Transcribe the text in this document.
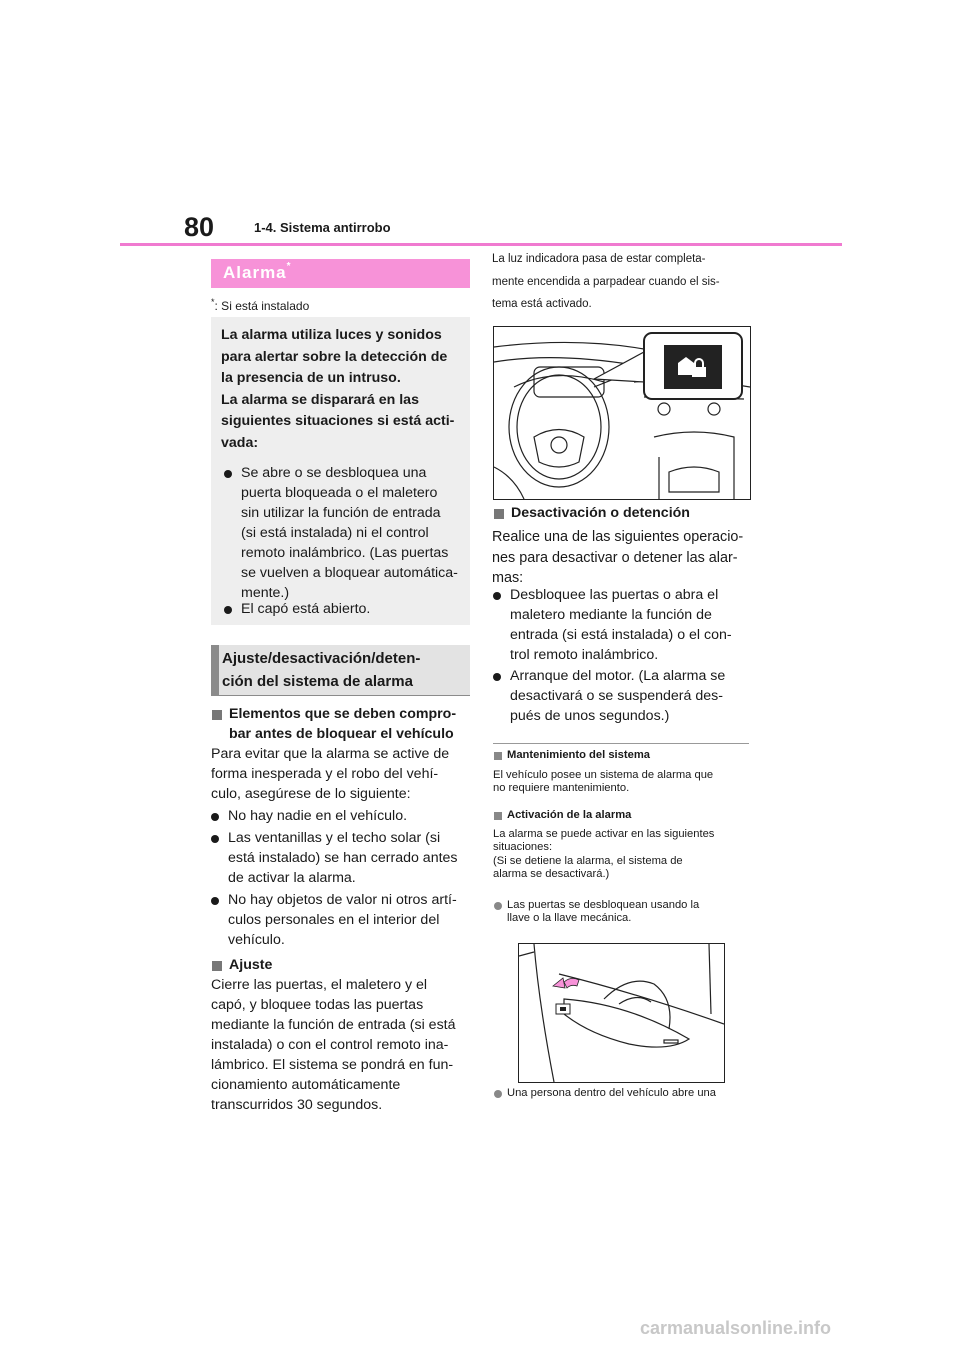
80	1-4. Sistema antirrobo
Alarma*
*: Si está instalado
La alarma utiliza luces y sonidos
para alertar sobre la detección de
la presencia de un intruso.
La alarma se disparará en las
siguientes situaciones si está acti-
vada:
Se abre o se desbloquea una
puerta bloqueada o el maletero
sin utilizar la función de entrada
(si está instalada) ni el control
remoto inalámbrico. (Las puertas
se vuelven a bloquear automática-
mente.)
El capó está abierto.
Ajuste/desactivación/deten-
ción del sistema de alarma
Elementos que se deben compro-
bar antes de bloquear el vehículo
Para evitar que la alarma se active de
forma inesperada y el robo del vehí-
culo, asegúrese de lo siguiente:
No hay nadie en el vehículo.
Las ventanillas y el techo solar (si
está instalado) se han cerrado antes
de activar la alarma.
No hay objetos de valor ni otros artí-
culos personales en el interior del
vehículo.
Ajuste
Cierre las puertas, el maletero y el
capó, y bloquee todas las puertas
mediante la función de entrada (si está
instalada) o con el control remoto ina-
lámbrico. El sistema se pondrá en fun-
cionamiento automáticamente
transcurridos 30 segundos.
La luz indicadora pasa de estar completa-
mente encendida a parpadear cuando el sis-
tema está activado.
Desactivación o detención
Realice una de las siguientes operacio-
nes para desactivar o detener las alar-
mas:
Desbloquee las puertas o abra el
maletero mediante la función de
entrada (si está instalada) o el con-
trol remoto inalámbrico.
Arranque del motor. (La alarma se
desactivará o se suspenderá des-
pués de unos segundos.)
Mantenimiento del sistema
El vehículo posee un sistema de alarma que
no requiere mantenimiento.
Activación de la alarma
La alarma se puede activar en las siguientes
situaciones:
(Si se detiene la alarma, el sistema de
alarma se desactivará.)
Las puertas se desbloquean usando la
llave o la llave mecánica.
Una persona dentro del vehículo abre una
carmanualsonline.info
